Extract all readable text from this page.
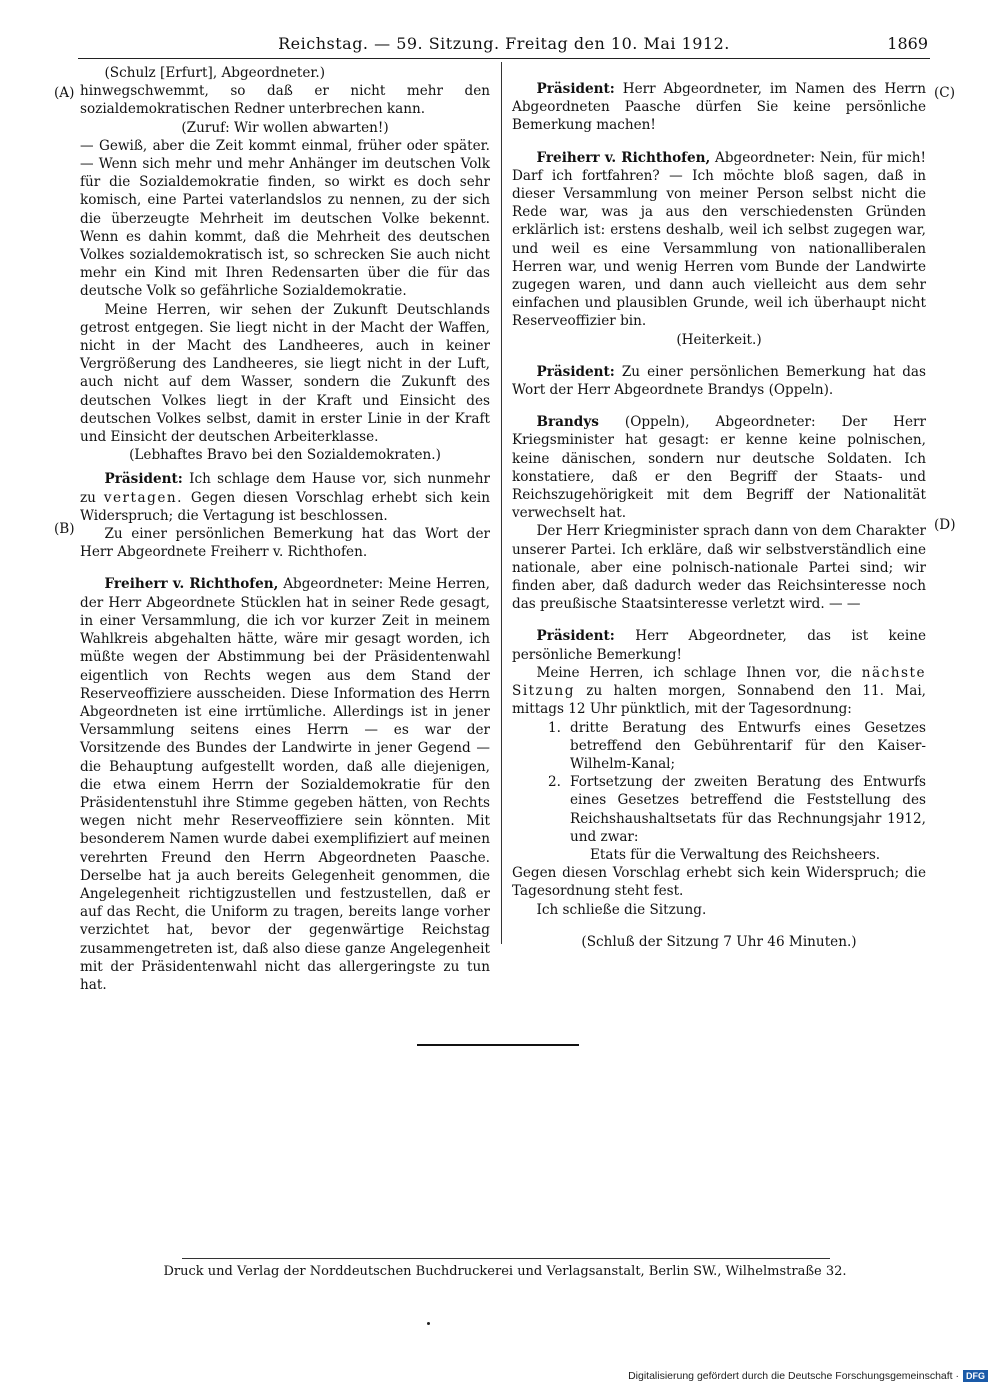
Reichstag. — 59. Sitzung. Freitag den 10. Mai 1912.	1869
(A)
(B)
(C)
(D)

(Schulz [Erfurt], Abgeordneter.)

hinwegschwemmt, so daß er nicht mehr den sozialdemokratischen Redner unterbrechen kann.

(Zuruf: Wir wollen abwarten!)

— Gewiß, aber die Zeit kommt einmal, früher oder später. — Wenn sich mehr und mehr Anhänger im deutschen Volk für die Sozialdemokratie finden, so wirkt es doch sehr komisch, eine Partei vaterlandslos zu nennen, zu der sich die überzeugte Mehrheit im deutschen Volke bekennt. Wenn es dahin kommt, daß die Mehrheit des deutschen Volkes sozialdemokratisch ist, so schrecken Sie auch nicht mehr ein Kind mit Ihren Redensarten über die für das deutsche Volk so gefährliche Sozialdemokratie.

Meine Herren, wir sehen der Zukunft Deutschlands getrost entgegen. Sie liegt nicht in der Macht der Waffen, nicht in der Macht des Landheeres, auch in keiner Vergrößerung des Landheeres, sie liegt nicht in der Luft, auch nicht auf dem Wasser, sondern die Zukunft des deutschen Volkes liegt in der Kraft und Einsicht des deutschen Volkes selbst, damit in erster Linie in der Kraft und Einsicht der deutschen Arbeiterklasse.

(Lebhaftes Bravo bei den Sozialdemokraten.)

Präsident: Ich schlage dem Hause vor, sich nunmehr zu vertagen. Gegen diesen Vorschlag erhebt sich kein Widerspruch; die Vertagung ist beschlossen.

Zu einer persönlichen Bemerkung hat das Wort der Herr Abgeordnete Freiherr v. Richthofen.

Freiherr v. Richthofen, Abgeordneter: Meine Herren, der Herr Abgeordnete Stücklen hat in seiner Rede gesagt, in einer Versammlung, die ich vor kurzer Zeit in meinem Wahlkreis abgehalten hätte, wäre mir gesagt worden, ich müßte wegen der Abstimmung bei der Präsidentenwahl eigentlich von Rechts wegen aus dem Stand der Reserveoffiziere ausscheiden. Diese Information des Herrn Abgeordneten ist eine irrtümliche. Allerdings ist in jener Versammlung seitens eines Herrn — es war der Vorsitzende des Bundes der Landwirte in jener Gegend — die Behauptung aufgestellt worden, daß alle diejenigen, die etwa einem Herrn der Sozialdemokratie für den Präsidentenstuhl ihre Stimme gegeben hätten, von Rechts wegen nicht mehr Reserveoffiziere sein könnten. Mit besonderem Namen wurde dabei exemplifiziert auf meinen verehrten Freund den Herrn Abgeordneten Paasche. Derselbe hat ja auch bereits Gelegenheit genommen, die Angelegenheit richtigzustellen und festzustellen, daß er auf das Recht, die Uniform zu tragen, bereits lange vorher verzichtet hat, bevor der gegenwärtige Reichstag zusammengetreten ist, daß also diese ganze Angelegenheit mit der Präsidentenwahl nicht das allergeringste zu tun hat.

Präsident: Herr Abgeordneter, im Namen des Herrn Abgeordneten Paasche dürfen Sie keine persönliche Bemerkung machen!

Freiherr v. Richthofen, Abgeordneter: Nein, für mich! Darf ich fortfahren? — Ich möchte bloß sagen, daß in dieser Versammlung von meiner Person selbst nicht die Rede war, was ja aus den verschiedensten Gründen erklärlich ist: erstens deshalb, weil ich selbst zugegen war, und weil es eine Versammlung von nationalliberalen Herren war, und wenig Herren vom Bunde der Landwirte zugegen waren, und dann auch vielleicht aus dem sehr einfachen und plausiblen Grunde, weil ich überhaupt nicht Reserveoffizier bin.

(Heiterkeit.)

Präsident: Zu einer persönlichen Bemerkung hat das Wort der Herr Abgeordnete Brandys (Oppeln).

Brandys (Oppeln), Abgeordneter: Der Herr Kriegsminister hat gesagt: er kenne keine polnischen, keine dänischen, sondern nur deutsche Soldaten. Ich konstatiere, daß er den Begriff der Staats- und Reichszugehörigkeit mit dem Begriff der Nationalität verwechselt hat.

Der Herr Kriegminister sprach dann von dem Charakter unserer Partei. Ich erkläre, daß wir selbstverständlich eine nationale, aber eine polnisch-nationale Partei sind; wir finden aber, daß dadurch weder das Reichsinteresse noch das preußische Staatsinteresse verletzt wird. — —

Präsident: Herr Abgeordneter, das ist keine persönliche Bemerkung!

Meine Herren, ich schlage Ihnen vor, die nächste Sitzung zu halten morgen, Sonnabend den 11. Mai, mittags 12 Uhr pünktlich, mit der Tagesordnung:

1. dritte Beratung des Entwurfs eines Gesetzes betreffend den Gebührentarif für den Kaiser-Wilhelm-Kanal;
2. Fortsetzung der zweiten Beratung des Entwurfs eines Gesetzes betreffend die Feststellung des Reichshaushaltsetats für das Rechnungsjahr 1912, und zwar:

Etats für die Verwaltung des Reichsheers.

Gegen diesen Vorschlag erhebt sich kein Widerspruch; die Tagesordnung steht fest.

Ich schließe die Sitzung.

(Schluß der Sitzung 7 Uhr 46 Minuten.)

Druck und Verlag der Norddeutschen Buchdruckerei und Verlagsanstalt, Berlin SW., Wilhelmstraße 32.
Digitalisierung gefördert durch die Deutsche Forschungsgemeinschaft · DFG
